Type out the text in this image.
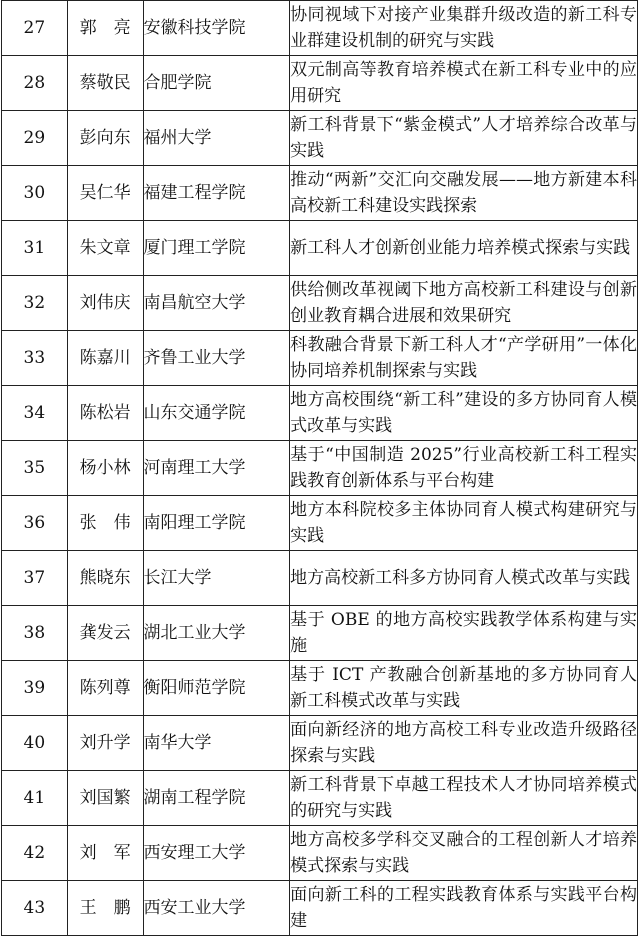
27	郭　亮	安徽科技学院	协同视域下对接产业集群升级改造的新工科专业群建设机制的研究与实践
28	蔡敬民	合肥学院	双元制高等教育培养模式在新工科专业中的应用研究
29	彭向东	福州大学	新工科背景下“紫金模式”人才培养综合改革与实践
30	吴仁华	福建工程学院	推动“两新”交汇向交融发展——地方新建本科高校新工科建设实践探索
31	朱文章	厦门理工学院	新工科人才创新创业能力培养模式探索与实践
32	刘伟庆	南昌航空大学	供给侧改革视阈下地方高校新工科建设与创新创业教育耦合进展和效果研究
33	陈嘉川	齐鲁工业大学	科教融合背景下新工科人才“产学研用”一体化协同培养机制探索与实践
34	陈松岩	山东交通学院	地方高校围绕“新工科”建设的多方协同育人模式改革与实践
35	杨小林	河南理工大学	基于“中国制造 2025”行业高校新工科工程实践教育创新体系与平台构建
36	张　伟	南阳理工学院	地方本科院校多主体协同育人模式构建研究与实践
37	熊晓东	长江大学	地方高校新工科多方协同育人模式改革与实践
38	龚发云	湖北工业大学	基于 OBE 的地方高校实践教学体系构建与实施
39	陈列尊	衡阳师范学院	基于 ICT 产教融合创新基地的多方协同育人新工科模式改革与实践
40	刘升学	南华大学	面向新经济的地方高校工科专业改造升级路径探索与实践
41	刘国繁	湖南工程学院	新工科背景下卓越工程技术人才协同培养模式的研究与实践
42	刘　军	西安理工大学	地方高校多学科交叉融合的工程创新人才培养模式探索与实践
43	王　鹏	西安工业大学	面向新工科的工程实践教育体系与实践平台构建
